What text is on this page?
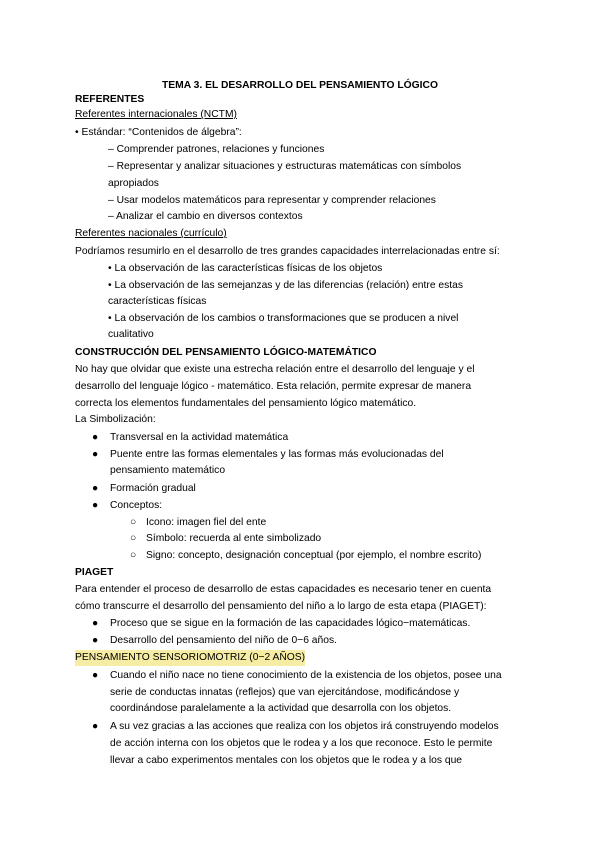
TEMA 3. EL DESARROLLO DEL PENSAMIENTO LÓGICO
REFERENTES
Referentes internacionales (NCTM)
• Estándar: “Contenidos de álgebra”:
– Comprender patrones, relaciones y funciones
– Representar y analizar situaciones y estructuras matemáticas con símbolos
apropiados
– Usar modelos matemáticos para representar y comprender relaciones
– Analizar el cambio en diversos contextos
Referentes nacionales (currículo)
Podríamos resumirlo en el desarrollo de tres grandes capacidades interrelacionadas entre sí:
• La observación de las características físicas de los objetos
• La observación de las semejanzas y de las diferencias (relación) entre estas
características físicas
• La observación de los cambios o transformaciones que se producen a nivel
cualitativo
CONSTRUCCIÓN DEL PENSAMIENTO LÓGICO-MATEMÁTICO
No hay que olvidar que existe una estrecha relación entre el desarrollo del lenguaje y el
desarrollo del lenguaje lógico - matemático. Esta relación, permite expresar de manera
correcta los elementos fundamentales del pensamiento lógico matemático.
La Simbolización:
● Transversal en la actividad matemática
● Puente entre las formas elementales y las formas más evolucionadas del
pensamiento matemático
● Formación gradual
● Conceptos:
○ Icono: imagen fiel del ente
○ Símbolo: recuerda al ente simbolizado
○ Signo: concepto, designación conceptual (por ejemplo, el nombre escrito)
PIAGET
Para entender el proceso de desarrollo de estas capacidades es necesario tener en cuenta
cómo transcurre el desarrollo del pensamiento del niño a lo largo de esta etapa (PIAGET):
● Proceso que se sigue en la formación de las capacidades lógico−matemáticas.
● Desarrollo del pensamiento del niño de 0−6 años.
PENSAMIENTO SENSORIOMOTRIZ (0−2 AÑOS)
● Cuando el niño nace no tiene conocimiento de la existencia de los objetos, posee una
serie de conductas innatas (reflejos) que van ejercitándose, modificándose y
coordinándose paralelamente a la actividad que desarrolla con los objetos.
● A su vez gracias a las acciones que realiza con los objetos irá construyendo modelos
de acción interna con los objetos que le rodea y a los que reconoce. Esto le permite
llevar a cabo experimentos mentales con los objetos que le rodea y a los que
